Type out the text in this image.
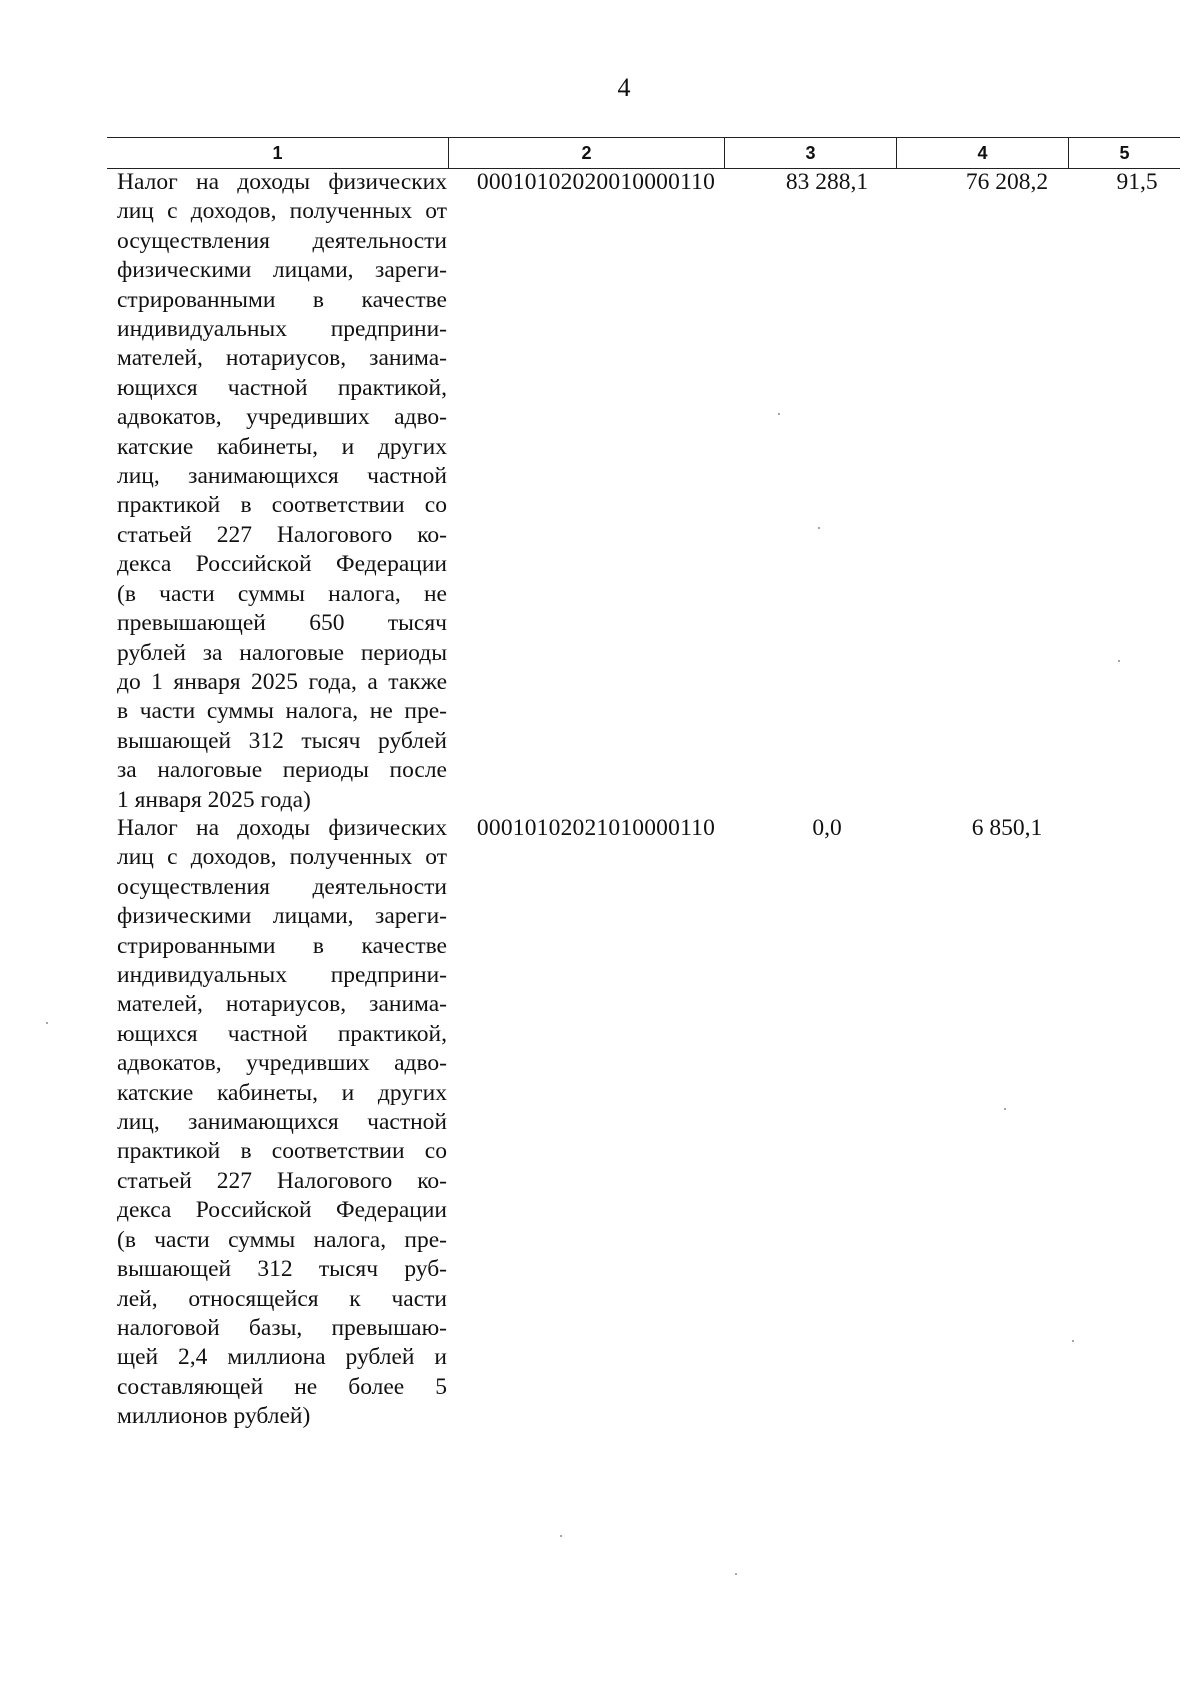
4
1	2	3	4	5
Налог на доходы физических
лиц с доходов, полученных от
осуществления деятельности
физическими лицами, зареги-
стрированными в качестве
индивидуальных предприни-
мателей, нотариусов, занима-
ющихся частной практикой,
адвокатов, учредивших адво-
катские кабинеты, и других
лиц, занимающихся частной
практикой в соответствии со
статьей 227 Налогового ко-
декса Российской Федерации
(в части суммы налога, не
превышающей 650 тысяч
рублей за налоговые периоды
до 1 января 2025 года, а также
в части суммы налога, не пре-
вышающей 312 тысяч рублей
за налоговые периоды после
1 января 2025 года)
00010102020010000110	83 288,1	76 208,2	91,5
Налог на доходы физических
лиц с доходов, полученных от
осуществления деятельности
физическими лицами, зареги-
стрированными в качестве
индивидуальных предприни-
мателей, нотариусов, занима-
ющихся частной практикой,
адвокатов, учредивших адво-
катские кабинеты, и других
лиц, занимающихся частной
практикой в соответствии со
статьей 227 Налогового ко-
декса Российской Федерации
(в части суммы налога, пре-
вышающей 312 тысяч руб-
лей, относящейся к части
налоговой базы, превышаю-
щей 2,4 миллиона рублей и
составляющей не более 5
миллионов рублей)
00010102021010000110	0,0	6 850,1
